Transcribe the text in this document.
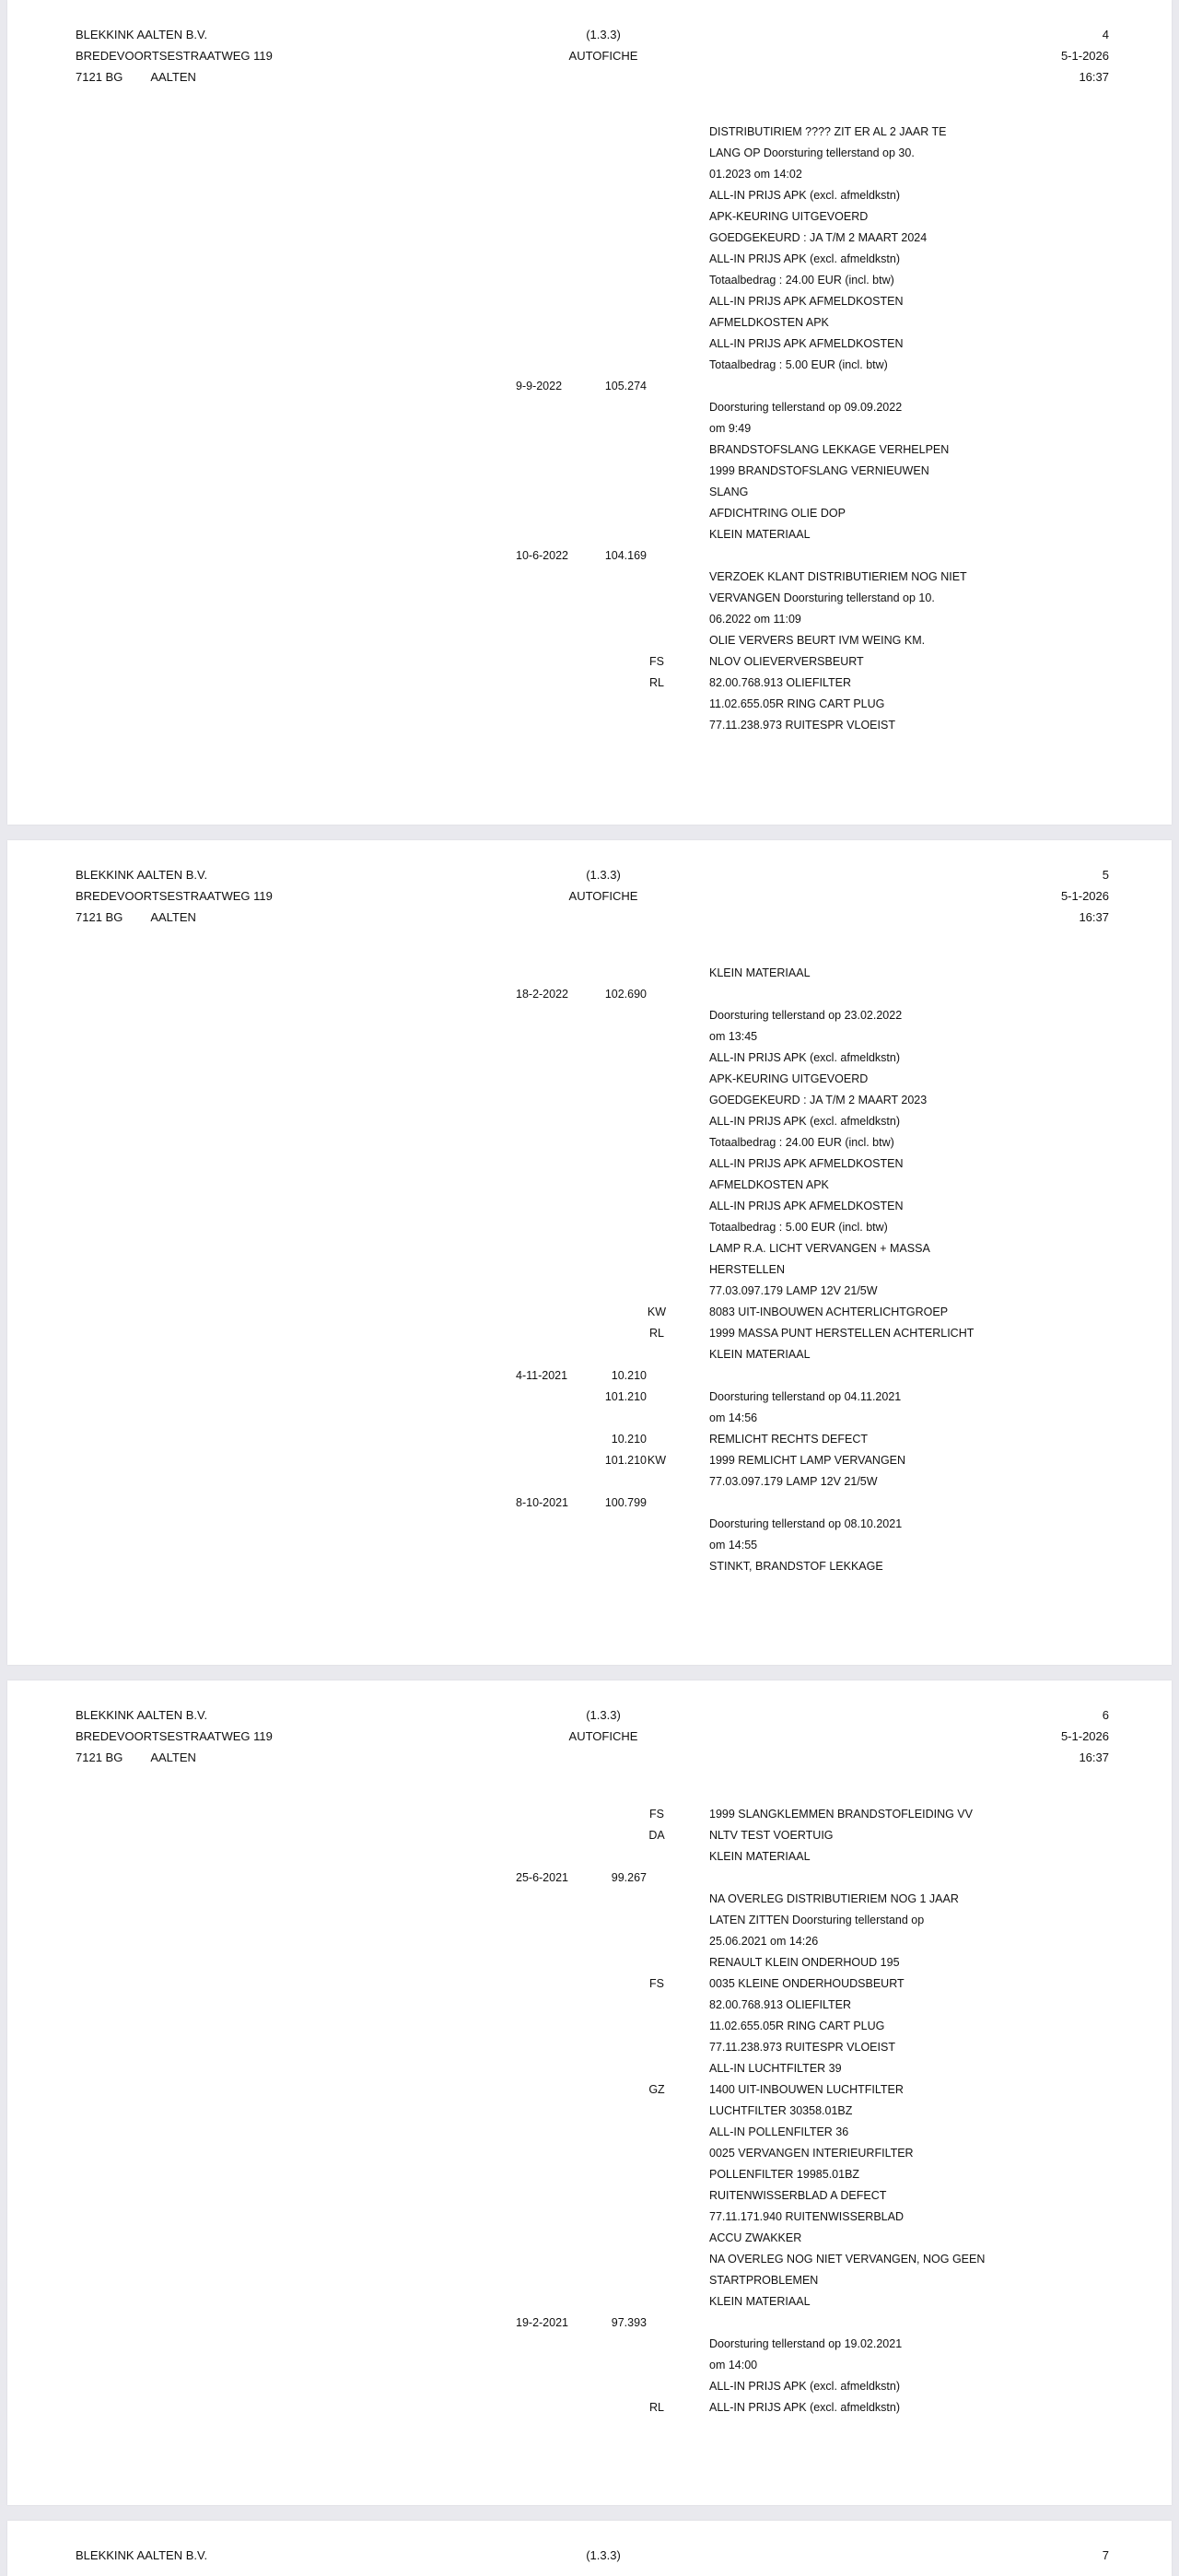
BLEKKINK AALTEN B.V.
BREDEVOORTSESTRAATWEG 119
7121 BG AALTEN
(1.3.3)
AUTOFICHE
4
5-1-2026
16:37
DISTRIBUTIRIEM ???? ZIT ER AL 2 JAAR TE
LANG OP Doorsturing tellerstand op 30.
01.2023 om 14:02
ALL-IN PRIJS APK (excl. afmeldkstn)
APK-KEURING UITGEVOERD
GOEDGEKEURD : JA T/M 2 MAART 2024
ALL-IN PRIJS APK (excl. afmeldkstn)
Totaalbedrag : 24.00 EUR (incl. btw)
ALL-IN PRIJS APK AFMELDKOSTEN
AFMELDKOSTEN APK
ALL-IN PRIJS APK AFMELDKOSTEN
Totaalbedrag : 5.00 EUR (incl. btw)
9-9-2022	105.274
Doorsturing tellerstand op 09.09.2022
om 9:49
BRANDSTOFSLANG LEKKAGE VERHELPEN
1999 BRANDSTOFSLANG VERNIEUWEN
SLANG
AFDICHTRING OLIE DOP
KLEIN MATERIAAL
10-6-2022	104.169
VERZOEK KLANT DISTRIBUTIERIEM NOG NIET
VERVANGEN Doorsturing tellerstand op 10.
06.2022 om 11:09
OLIE VERVERS BEURT IVM WEING KM.
FS	NLOV OLIEVERVERSBEURT
RL	82.00.768.913 OLIEFILTER
11.02.655.05R RING CART PLUG
77.11.238.973 RUITESPR VLOEIST
BLEKKINK AALTEN B.V.
BREDEVOORTSESTRAATWEG 119
7121 BG AALTEN
(1.3.3)
AUTOFICHE
5
5-1-2026
16:37
KLEIN MATERIAAL
18-2-2022	102.690
Doorsturing tellerstand op 23.02.2022
om 13:45
ALL-IN PRIJS APK (excl. afmeldkstn)
APK-KEURING UITGEVOERD
GOEDGEKEURD : JA T/M 2 MAART 2023
ALL-IN PRIJS APK (excl. afmeldkstn)
Totaalbedrag : 24.00 EUR (incl. btw)
ALL-IN PRIJS APK AFMELDKOSTEN
AFMELDKOSTEN APK
ALL-IN PRIJS APK AFMELDKOSTEN
Totaalbedrag : 5.00 EUR (incl. btw)
LAMP R.A. LICHT VERVANGEN + MASSA
HERSTELLEN
77.03.097.179 LAMP 12V 21/5W
KW	8083 UIT-INBOUWEN ACHTERLICHTGROEP
RL	1999 MASSA PUNT HERSTELLEN ACHTERLICHT
KLEIN MATERIAAL
4-11-2021	10.210
101.210	Doorsturing tellerstand op 04.11.2021
om 14:56
10.210	REMLICHT RECHTS DEFECT
101.210 KW	1999 REMLICHT LAMP VERVANGEN
77.03.097.179 LAMP 12V 21/5W
8-10-2021	100.799
Doorsturing tellerstand op 08.10.2021
om 14:55
STINKT, BRANDSTOF LEKKAGE
BLEKKINK AALTEN B.V.
BREDEVOORTSESTRAATWEG 119
7121 BG AALTEN
(1.3.3)
AUTOFICHE
6
5-1-2026
16:37
FS	1999 SLANGKLEMMEN BRANDSTOFLEIDING VV
DA	NLTV TEST VOERTUIG
KLEIN MATERIAAL
25-6-2021	99.267
NA OVERLEG DISTRIBUTIERIEM NOG 1 JAAR
LATEN ZITTEN Doorsturing tellerstand op
25.06.2021 om 14:26
RENAULT KLEIN ONDERHOUD 195
FS	0035 KLEINE ONDERHOUDSBEURT
82.00.768.913 OLIEFILTER
11.02.655.05R RING CART PLUG
77.11.238.973 RUITESPR VLOEIST
ALL-IN LUCHTFILTER 39
GZ	1400 UIT-INBOUWEN LUCHTFILTER
LUCHTFILTER 30358.01BZ
ALL-IN POLLENFILTER 36
0025 VERVANGEN INTERIEURFILTER
POLLENFILTER 19985.01BZ
RUITENWISSERBLAD A DEFECT
77.11.171.940 RUITENWISSERBLAD
ACCU ZWAKKER
NA OVERLEG NOG NIET VERVANGEN, NOG GEEN
STARTPROBLEMEN
KLEIN MATERIAAL
19-2-2021	97.393
Doorsturing tellerstand op 19.02.2021
om 14:00
ALL-IN PRIJS APK (excl. afmeldkstn)
RL	ALL-IN PRIJS APK (excl. afmeldkstn)
BLEKKINK AALTEN B.V.	(1.3.3)	7
